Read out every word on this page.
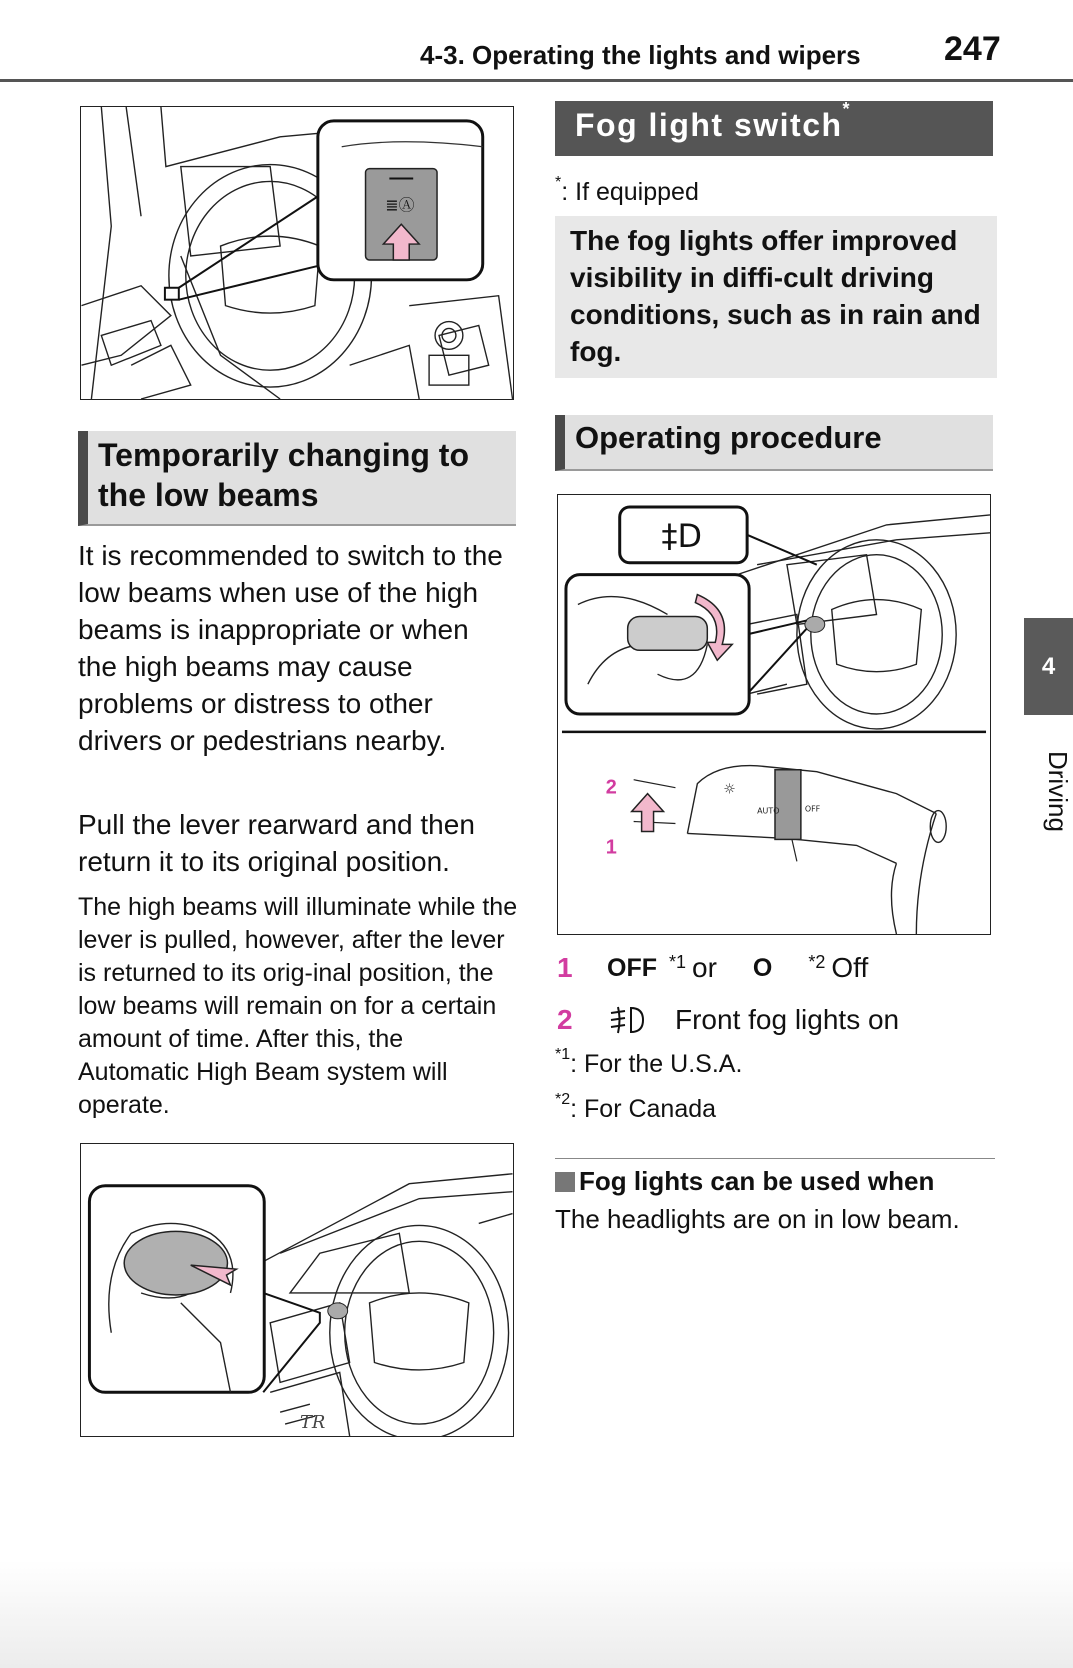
4-3. Operating the lights and wipers 247
≣Ⓐ
Temporarily changing to the low beams
It is recommended to switch to the low beams when use of the high beams is inappropriate or when the high beams may cause problems or distress to other drivers or pedestrians nearby.
Pull the lever rearward and then return it to its original position.
The high beams will illuminate while the lever is pulled, however, after the lever is returned to its orig-inal position, the low beams will remain on for a certain amount of time. After this, the Automatic High Beam system will operate.
TR
Fog light switch*
*: If equipped
The fog lights offer improved visibility in diffi-cult driving conditions, such as in rain and fog.
Operating procedure
‡D
☼
AUTO	OFF
2
1
1	OFF $^{*1}$ or O $^{*2}$ Off
2	Front fog lights on
$^{*1}$: For the U.S.A.
$^{*2}$: For Canada
Fog lights can be used when
The headlights are on in low beam.
4
Driving
